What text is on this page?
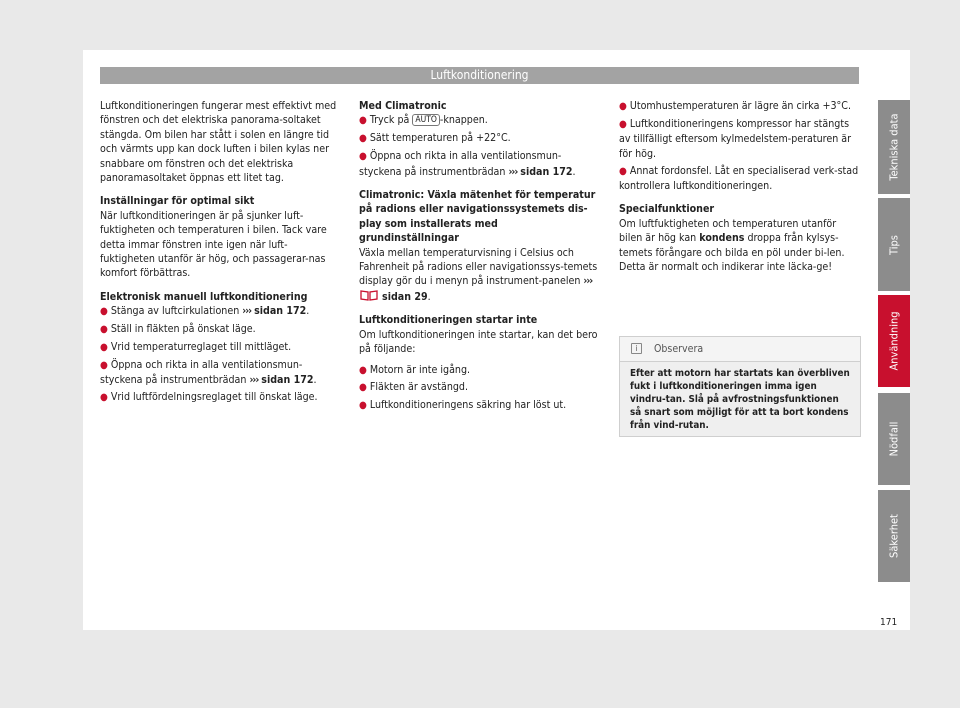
Luftkonditionering

Luftkonditioneringen fungerar mest effektivt med fönstren och det elektriska panorama-soltaket stängda. Om bilen har stått i solen en längre tid och värmts upp kan dock luften i bilen kylas ner snabbare om fönstren och det elektriska panoramasoltaket öppnas ett litet tag.

Inställningar för optimal sikt

När luftkonditioneringen är på sjunker luft-fuktigheten och temperaturen i bilen. Tack vare detta immar fönstren inte igen när luft-fuktigheten utanför är hög, och passagerar-nas komfort förbättras.

Elektronisk manuell luftkonditionering
● Stänga av luftcirkulationen ››› sidan 172.
● Ställ in fläkten på önskat läge.
● Vrid temperaturreglaget till mittläget.
● Öppna och rikta in alla ventilationsmun-styckena på instrumentbrädan ››› sidan 172.
● Vrid luftfördelningsreglaget till önskat läge.
Med Climatronic
● Tryck på AUTO -knappen.
● Sätt temperaturen på +22°C.
● Öppna och rikta in alla ventilationsmun-styckena på instrumentbrädan ››› sidan 172.
Climatronic: Växla mätenhet för temperatur på radions eller navigationssystemets dis-play som installerats med grundinställningar

Växla mellan temperaturvisning i Celsius och Fahrenheit på radions eller navigationssys-temets display gör du i menyn på instrument-panelen ›››  sidan 29.

Luftkonditioneringen startar inte

Om luftkonditioneringen inte startar, kan det bero på följande:

● Motorn är inte igång.
● Fläkten är avstängd.
● Luftkonditioneringens säkring har löst ut.
● Utomhustemperaturen är lägre än cirka +3°C.
● Luftkonditioneringens kompressor har stängts av tillfälligt eftersom kylmedelstem-peraturen är för hög.
● Annat fordonsfel. Låt en specialiserad verk-stad kontrollera luftkonditioneringen.
Specialfunktioner

Om luftfuktigheten och temperaturen utanför bilen är hög kan kondens droppa från kylsys-temets förångare och bilda en pöl under bi-len. Detta är normalt och indikerar inte läcka-ge!

i Observera
Efter att motorn har startats kan överbliven fukt i luftkonditioneringen imma igen vindru-tan. Slå på avfrostningsfunktionen så snart som möjligt för att ta bort kondens från vind-rutan.
Tekniska data
Tips
Användning
Nödfall
Säkerhet
171
